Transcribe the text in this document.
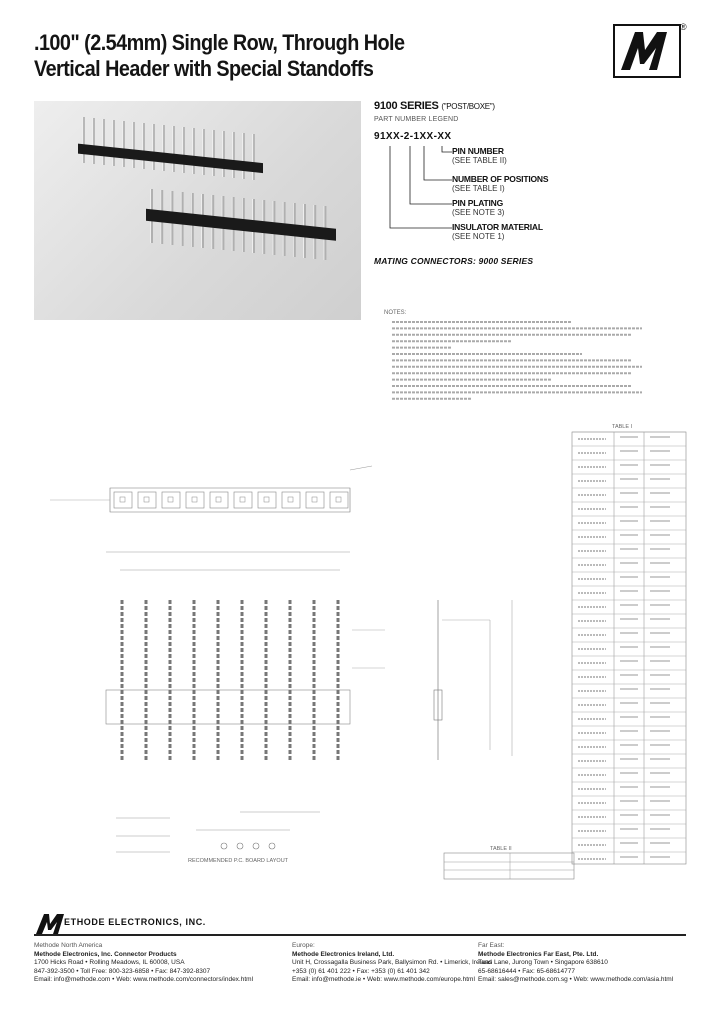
.100" (2.54mm) Single Row, Through Hole
Vertical Header with Special Standoffs
®
9100 SERIES ("POST/BOXE")
PART NUMBER LEGEND
91XX-2-1XX-XX
PIN NUMBER
(SEE TABLE II)
NUMBER OF POSITIONS
(SEE TABLE I)
PIN PLATING
(SEE NOTE 3)
INSULATOR MATERIAL
(SEE NOTE 1)
MATING CONNECTORS: 9000 SERIES
NOTES:
TABLE I
RECOMMENDED P.C. BOARD LAYOUT
TABLE II
ETHODE ELECTRONICS, INC.
Methode North America
Methode Electronics, Inc. Connector Products
1700 Hicks Road • Rolling Meadows, IL 60008, USA
847-392-3500 • Toll Free: 800-323-6858 • Fax: 847-392-8307
Email: info@methode.com • Web: www.methode.com/connectors/index.html
Europe:
Methode Electronics Ireland, Ltd.
Unit H, Crossagalla Business Park, Ballysimon Rd. • Limerick, Ireland
+353 (0) 61 401 222 • Fax: +353 (0) 61 401 342
Email: info@methode.ie • Web: www.methode.com/europe.html
Far East:
Methode Electronics Far East, Pte. Ltd.
Tuas Lane, Jurong Town • Singapore 638610
65-68616444 • Fax: 65-68614777
Email: sales@methode.com.sg • Web: www.methode.com/asia.html
